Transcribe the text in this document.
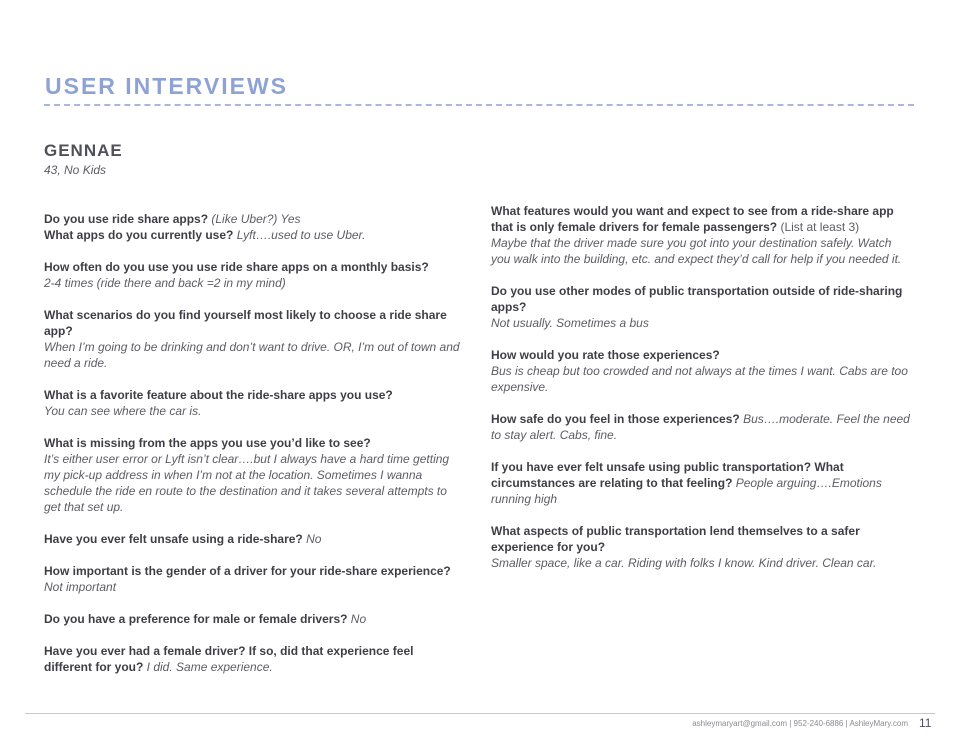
USER INTERVIEWS
GENNAE
43, No Kids
Do you use ride share apps? (Like Uber?) Yes
What apps do you currently use? Lyft….used to use Uber.
How often do you use you use ride share apps on a monthly basis?
2-4 times (ride there and back =2 in my mind)
What scenarios do you find yourself most likely to choose a ride share app?
When I’m going to be drinking and don’t want to drive. OR, I’m out of town and need a ride.
What is a favorite feature about the ride-share apps you use?
You can see where the car is.
What is missing from the apps you use you’d like to see?
It’s either user error or Lyft isn’t clear….but I always have a hard time getting my pick-up address in when I’m not at the location. Sometimes I wanna schedule the ride en route to the destination and it takes several attempts to get that set up.
Have you ever felt unsafe using a ride-share? No
How important is the gender of a driver for your ride-share experience?
Not important
Do you have a preference for male or female drivers? No
Have you ever had a female driver? If so, did that experience feel different for you? I did. Same experience.
What features would you want and expect to see from a ride-share app that is only female drivers for female passengers? (List at least 3)
Maybe that the driver made sure you got into your destination safely. Watch you walk into the building, etc. and expect they’d call for help if you needed it.
Do you use other modes of public transportation outside of ride-sharing apps?
Not usually. Sometimes a bus
How would you rate those experiences?
Bus is cheap but too crowded and not always at the times I want. Cabs are too expensive.
How safe do you feel in those experiences? Bus….moderate. Feel the need to stay alert. Cabs, fine.
If you have ever felt unsafe using public transportation? What circumstances are relating to that feeling? People arguing….Emotions running high
What aspects of public transportation lend themselves to a safer experience for you?
Smaller space, like a car. Riding with folks I know. Kind driver. Clean car.
ashleymaryart@gmail.com | 952-240-6886 | AshleyMary.com 11
